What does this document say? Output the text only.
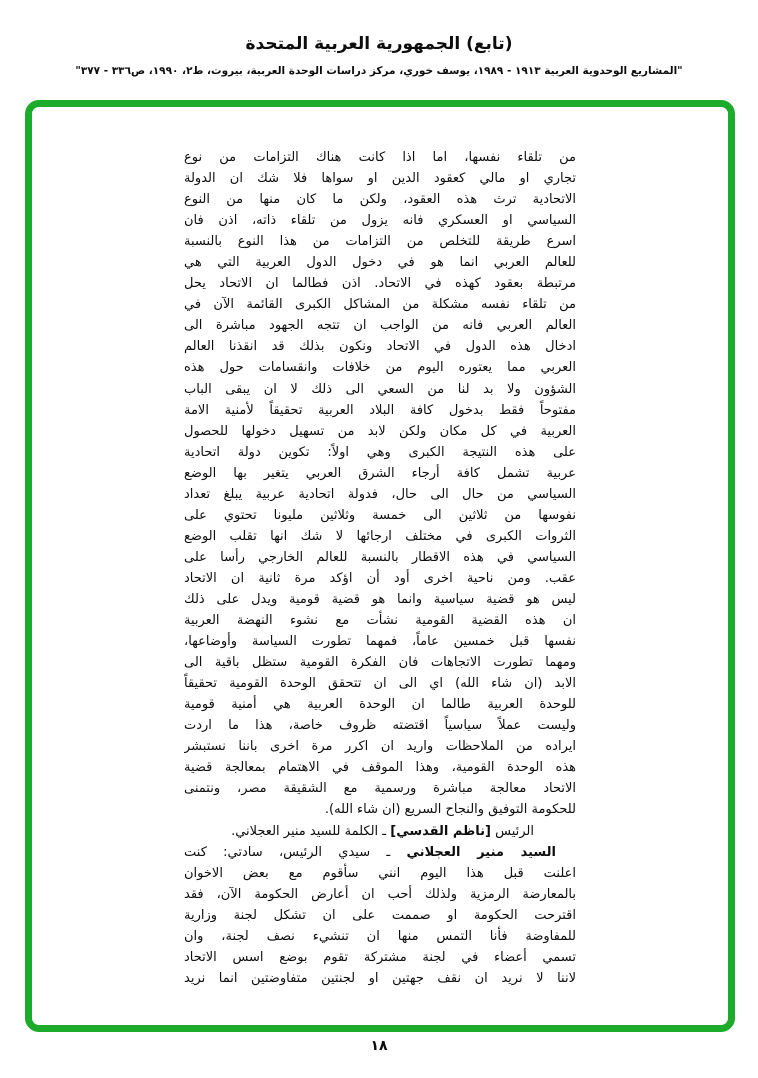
(تابع) الجمهورية العربية المتحدة
"المشاريع الوحدوية العربية ١٩١٣ - ١٩٨٩، يوسف خوري، مركز دراسات الوحدة العربية، بيروت، ط٢، ١٩٩٠، ص٣٣٦ - ٣٧٧"
من تلقاء نفسها، اما اذا كانت هناك التزامات من نوع
تجاري او مالي كعقود الدين او سواها فلا شك ان الدولة
الاتحادية ترث هذه العقود، ولكن ما كان منها من النوع
السياسي او العسكري فانه يزول من تلقاء ذاته، اذن فان
اسرع طريقة للتخلص من التزامات من هذا النوع بالنسبة
للعالم العربي انما هو في دخول الدول العربية التي هي
مرتبطة بعقود كهذه في الاتحاد. اذن فطالما ان الاتحاد يحل
من تلقاء نفسه مشكلة من المشاكل الكبرى القائمة الآن في
العالم العربي فانه من الواجب ان تتجه الجهود مباشرة الى
ادخال هذه الدول في الاتحاد ونكون بذلك قد انقذنا العالم
العربي مما يعتوره اليوم من خلافات وانقسامات حول هذه
الشؤون ولا بد لنا من السعي الى ذلك لا ان يبقى الباب
مفتوحاً فقط بدخول كافة البلاد العربية تحقيقاً لأمنية الامة
العربية في كل مكان ولكن لابد من تسهيل دخولها للحصول
على هذه النتيجة الكبرى وهي اولاً: تكوين دولة اتحادية
عربية تشمل كافة أرجاء الشرق العربي يتغير بها الوضع
السياسي من حال الى حال، فدولة اتحادية عربية يبلغ تعداد
نفوسها من ثلاثين الى خمسة وثلاثين مليونا تحتوي على
الثروات الكبرى في مختلف ارجائها لا شك انها تقلب الوضع
السياسي في هذه الاقطار بالنسبة للعالم الخارجي رأسا على
عقب. ومن ناحية اخرى أود أن اؤكد مرة ثانية ان الاتحاد
ليس هو قضية سياسية وانما هو قضية قومية ويدل على ذلك
ان هذه القضية القومية نشأت مع نشوء النهضة العربية
نفسها قبل خمسين عاماً، فمهما تطورت السياسة وأوضاعها،
ومهما تطورت الاتجاهات فان الفكرة القومية ستظل باقية الى
الابد (ان شاء الله) اي الى ان تتحقق الوحدة القومية تحقيقاً
للوحدة العربية طالما ان الوحدة العربية هي أمنية قومية
وليست عملاً سياسياً اقتضته ظروف خاصة، هذا ما اردت
ايراده من الملاحظات واريد ان اكرر مرة اخرى باننا نستبشر
هذه الوحدة القومية، وهذا الموقف في الاهتمام بمعالجة قضية
الاتحاد معالجة مباشرة ورسمية مع الشقيقة مصر، ونتمنى
للحكومة التوفيق والنجاح السريع (ان شاء الله).
الرئيس [ناظم القدسي] ـ الكلمة للسيد منير العجلاني.
السيد منير العجلاني ـ سيدي الرئيس، سادتي: كنت
اعلنت قبل هذا اليوم انني سأقوم مع بعض الاخوان
بالمعارضة الرمزية ولذلك أحب ان أعارض الحكومة الآن، فقد
اقترحت الحكومة او صممت على ان تشكل لجنة وزارية
للمفاوضة فأنا التمس منها ان تنشيء نصف لجنة، وان
تسمي أعضاء في لجنة مشتركة تقوم بوضع اسس الاتحاد
لاننا لا نريد ان نقف جهتين او لجنتين متفاوضتين انما نريد
١٨
